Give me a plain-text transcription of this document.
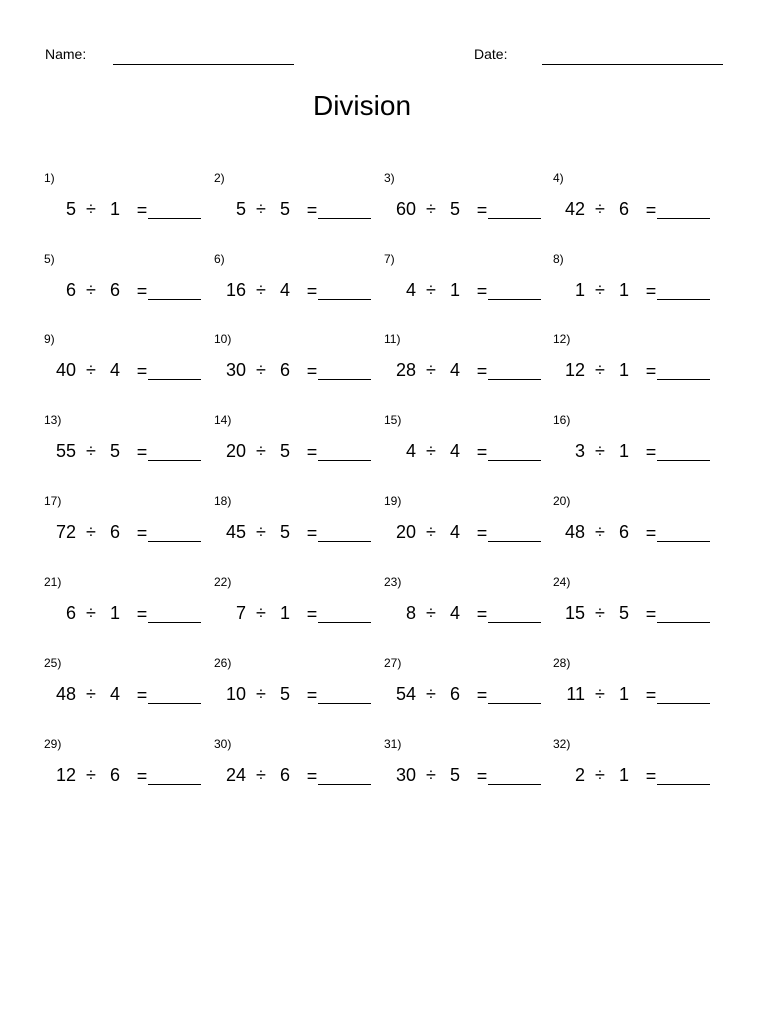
Name:	Date:
Division
1)
5 ÷ 1 =
2)
5 ÷ 5 =
3)
60 ÷ 5 =
4)
42 ÷ 6 =
5)
6 ÷ 6 =
6)
16 ÷ 4 =
7)
4 ÷ 1 =
8)
1 ÷ 1 =
9)
40 ÷ 4 =
10)
30 ÷ 6 =
11)
28 ÷ 4 =
12)
12 ÷ 1 =
13)
55 ÷ 5 =
14)
20 ÷ 5 =
15)
4 ÷ 4 =
16)
3 ÷ 1 =
17)
72 ÷ 6 =
18)
45 ÷ 5 =
19)
20 ÷ 4 =
20)
48 ÷ 6 =
21)
6 ÷ 1 =
22)
7 ÷ 1 =
23)
8 ÷ 4 =
24)
15 ÷ 5 =
25)
48 ÷ 4 =
26)
10 ÷ 5 =
27)
54 ÷ 6 =
28)
11 ÷ 1 =
29)
12 ÷ 6 =
30)
24 ÷ 6 =
31)
30 ÷ 5 =
32)
2 ÷ 1 =
